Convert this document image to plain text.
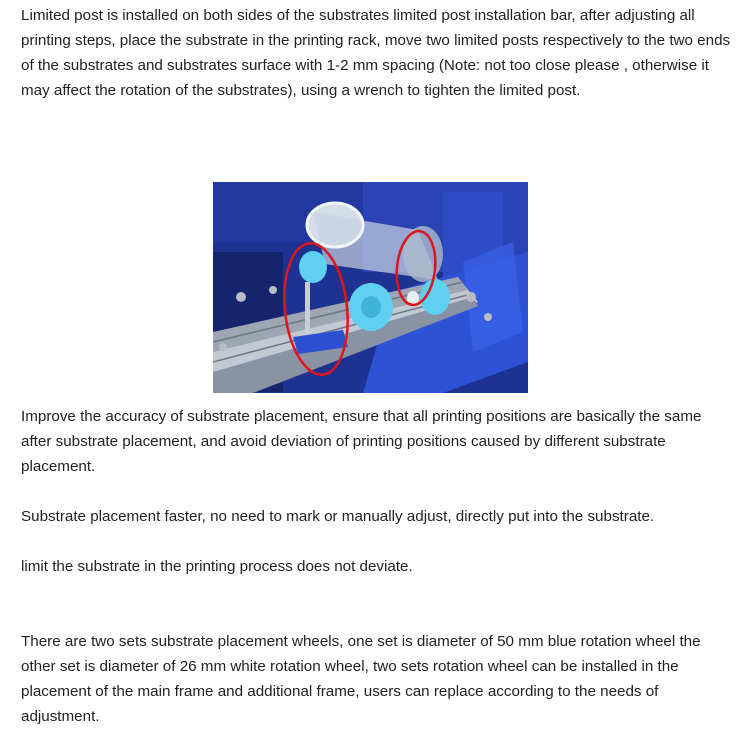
Limited post is installed on both sides of the substrates limited post installation bar, after adjusting all printing steps, place the substrate in the printing rack, move two limited posts respectively to the two ends of the substrates and substrates surface with 1-2 mm spacing (Note: not too close please , otherwise it may affect the rotation of the substrates), using a wrench to tighten the limited post.

Improve the accuracy of substrate placement, ensure that all printing positions are basically the same after substrate placement, and avoid deviation of printing positions caused by different substrate placement.

Substrate placement faster, no need to mark or manually adjust, directly put into the substrate.

limit the substrate in the printing process does not deviate.

There are two sets substrate placement wheels, one set is diameter of 50 mm blue rotation wheel the other set is diameter of 26 mm white rotation wheel, two sets rotation wheel can be installed in the placement of the main frame and additional frame, users can replace according to the needs of adjustment.
